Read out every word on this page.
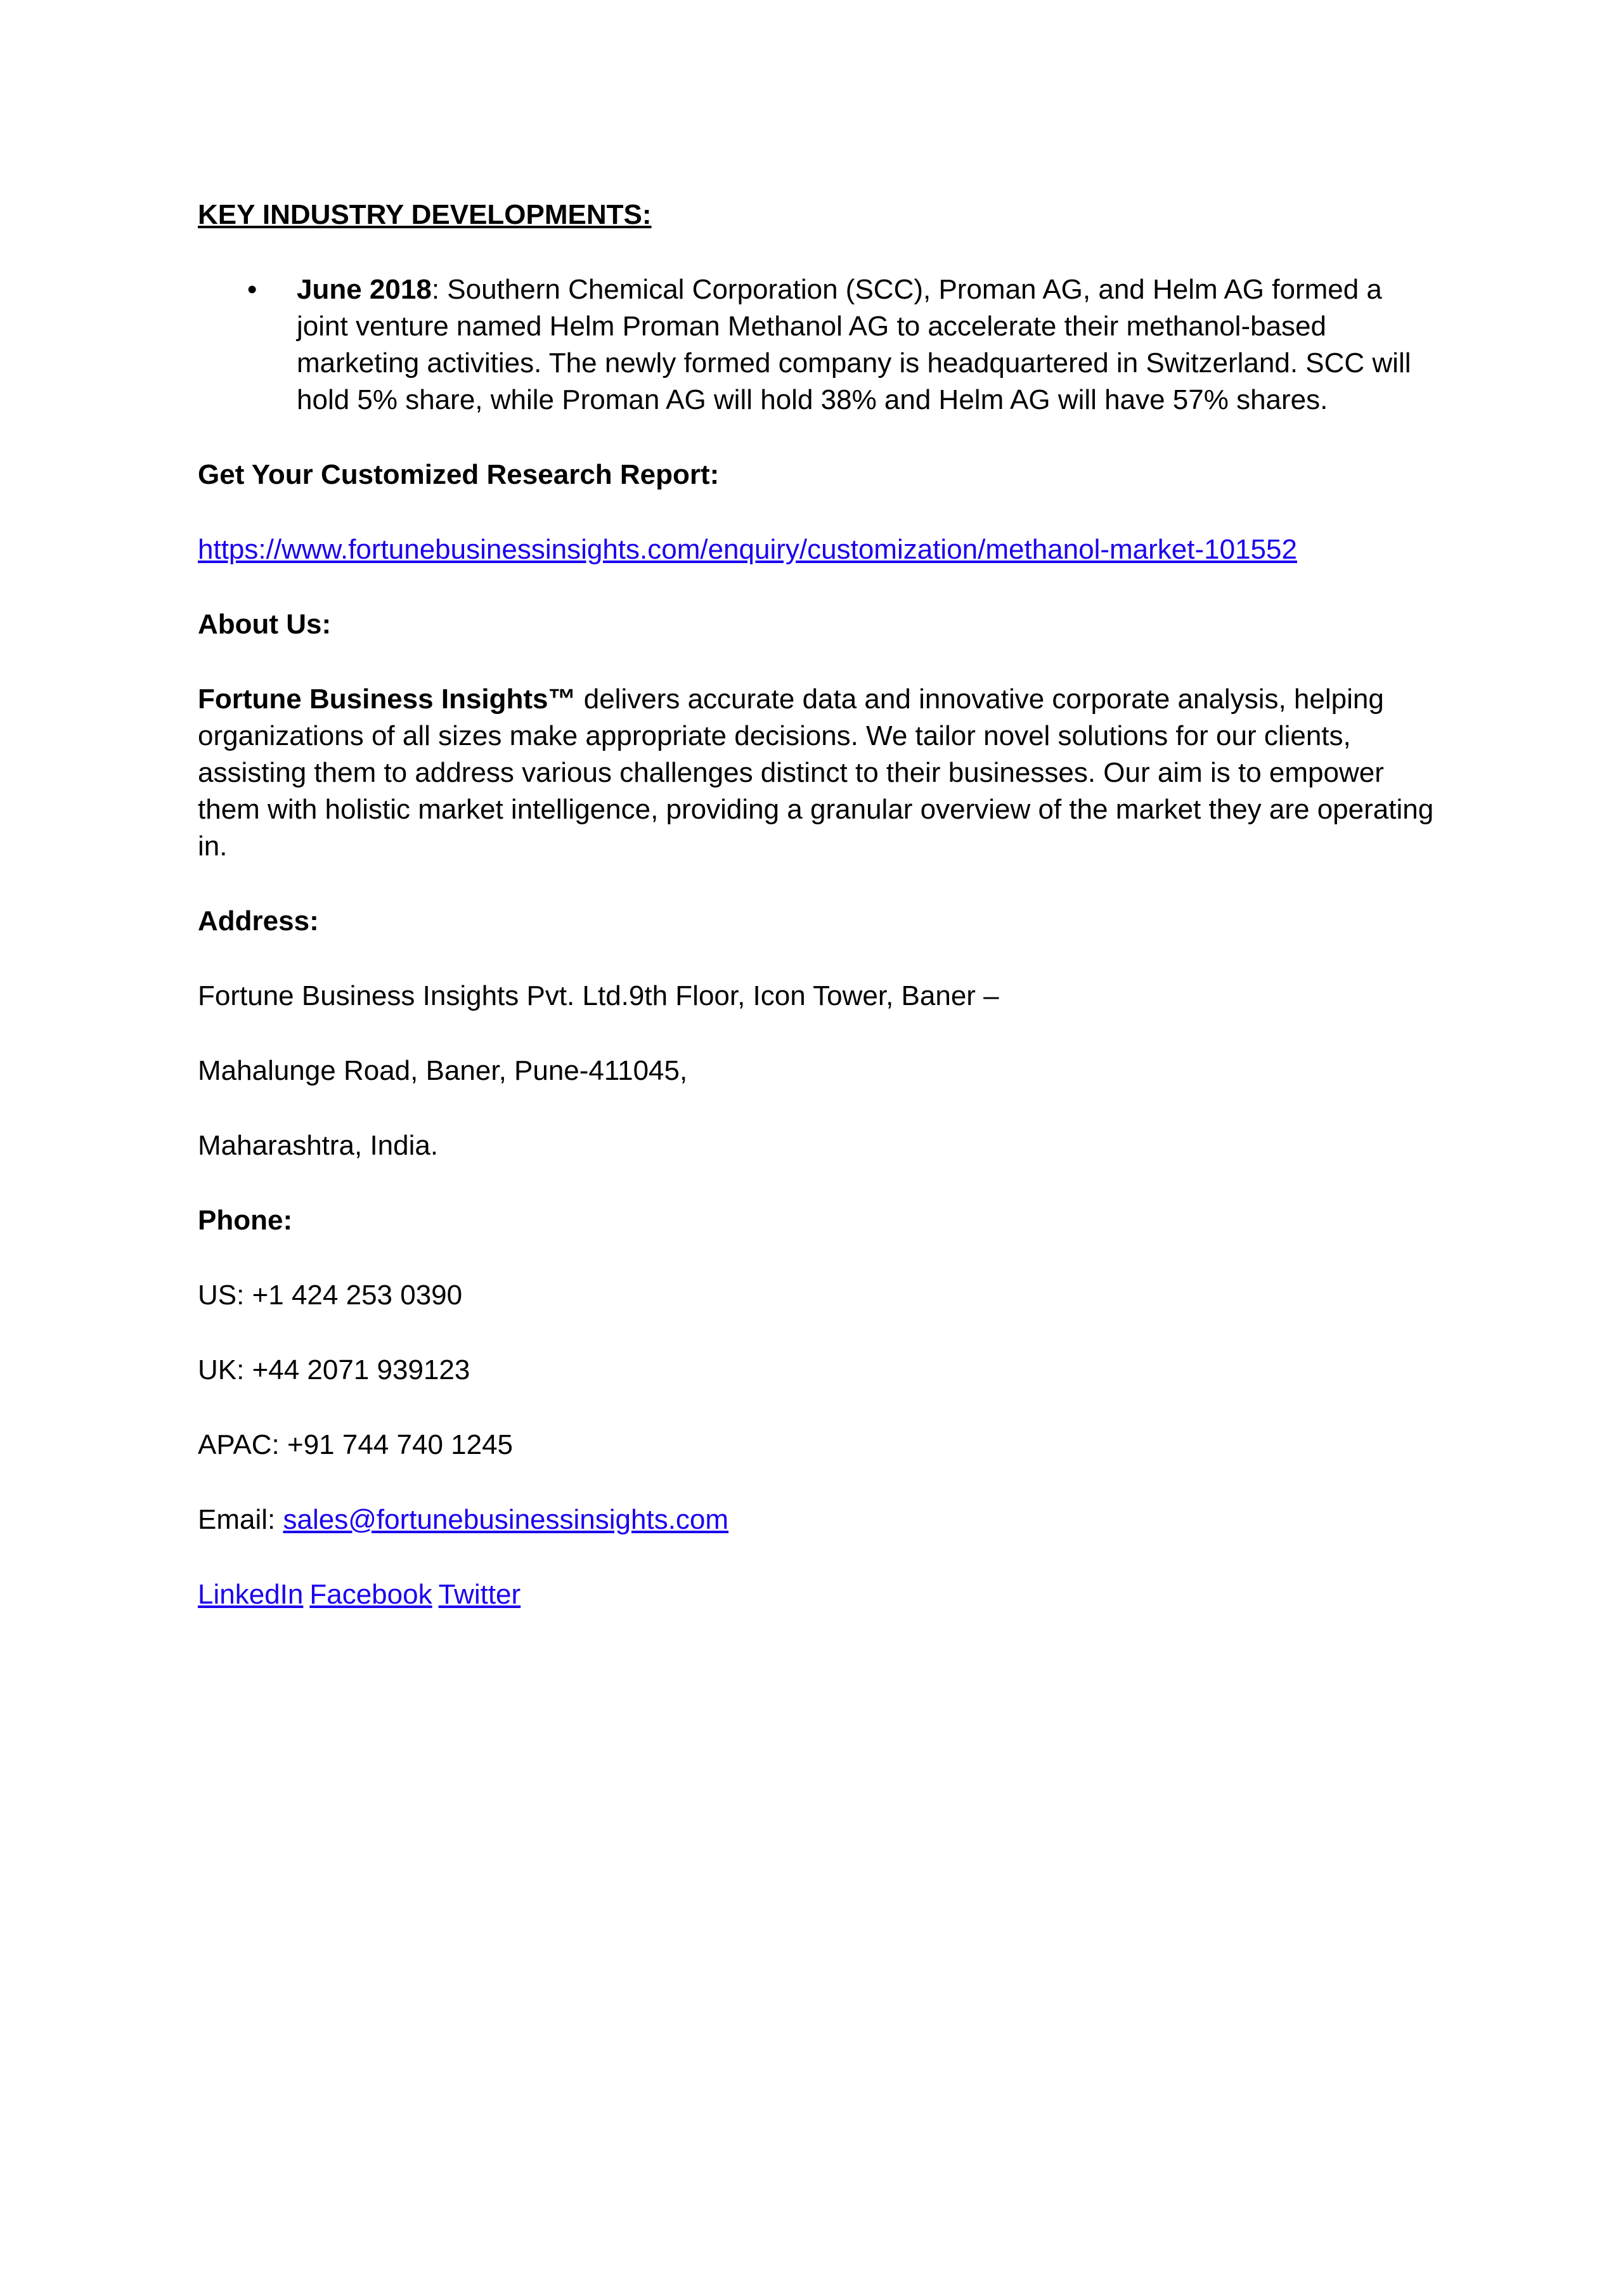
KEY INDUSTRY DEVELOPMENTS:
• June 2018: Southern Chemical Corporation (SCC), Proman AG, and Helm AG formed a joint venture named Helm Proman Methanol AG to accelerate their methanol-based marketing activities. The newly formed company is headquartered in Switzerland. SCC will hold 5% share, while Proman AG will hold 38% and Helm AG will have 57% shares.
Get Your Customized Research Report:
https://www.fortunebusinessinsights.com/enquiry/customization/methanol-market-101552
About Us:
Fortune Business Insights™ delivers accurate data and innovative corporate analysis, helping organizations of all sizes make appropriate decisions. We tailor novel solutions for our clients, assisting them to address various challenges distinct to their businesses. Our aim is to empower them with holistic market intelligence, providing a granular overview of the market they are operating in.
Address:
Fortune Business Insights Pvt. Ltd.9th Floor, Icon Tower, Baner –
Mahalunge Road, Baner, Pune-411045,
Maharashtra, India.
Phone:
US: +1 424 253 0390
UK: +44 2071 939123
APAC: +91 744 740 1245
Email: sales@fortunebusinessinsights.com
LinkedIn Facebook Twitter
